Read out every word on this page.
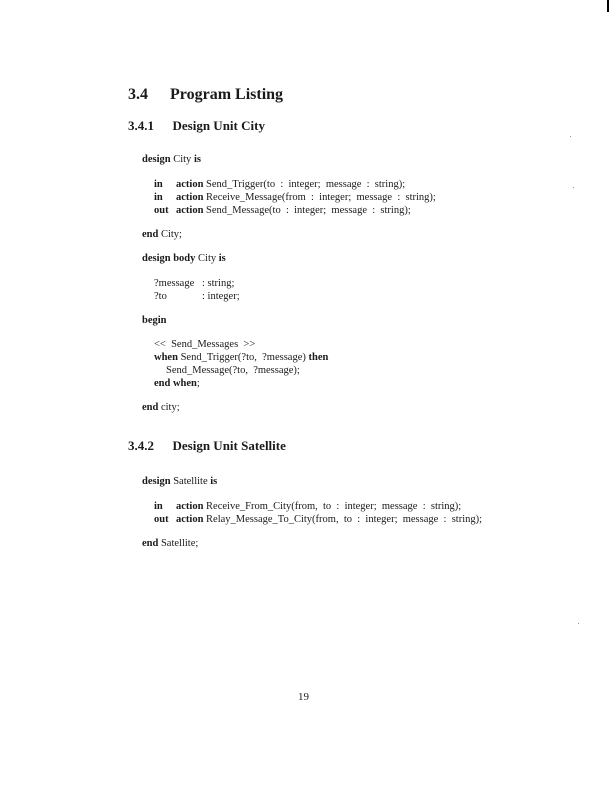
3.4 Program Listing
3.4.1 Design Unit City
design City is
in action Send_Trigger(to  :  integer;  message  :  string);
in action Receive_Message(from  :  integer;  message  :  string);
out action Send_Message(to  :  integer;  message  :  string);
end City;
design body City is
?message : string;
?to	: integer;
begin
<<  Send_Messages  >>
when Send_Trigger(?to,  ?message) then
Send_Message(?to,  ?message);
end when;
end city;
3.4.2 Design Unit Satellite
design Satellite is
in action Receive_From_City(from,  to  :  integer;  message  :  string);
out action Relay_Message_To_City(from,  to  :  integer;  message  :  string);
end Satellite;
19
